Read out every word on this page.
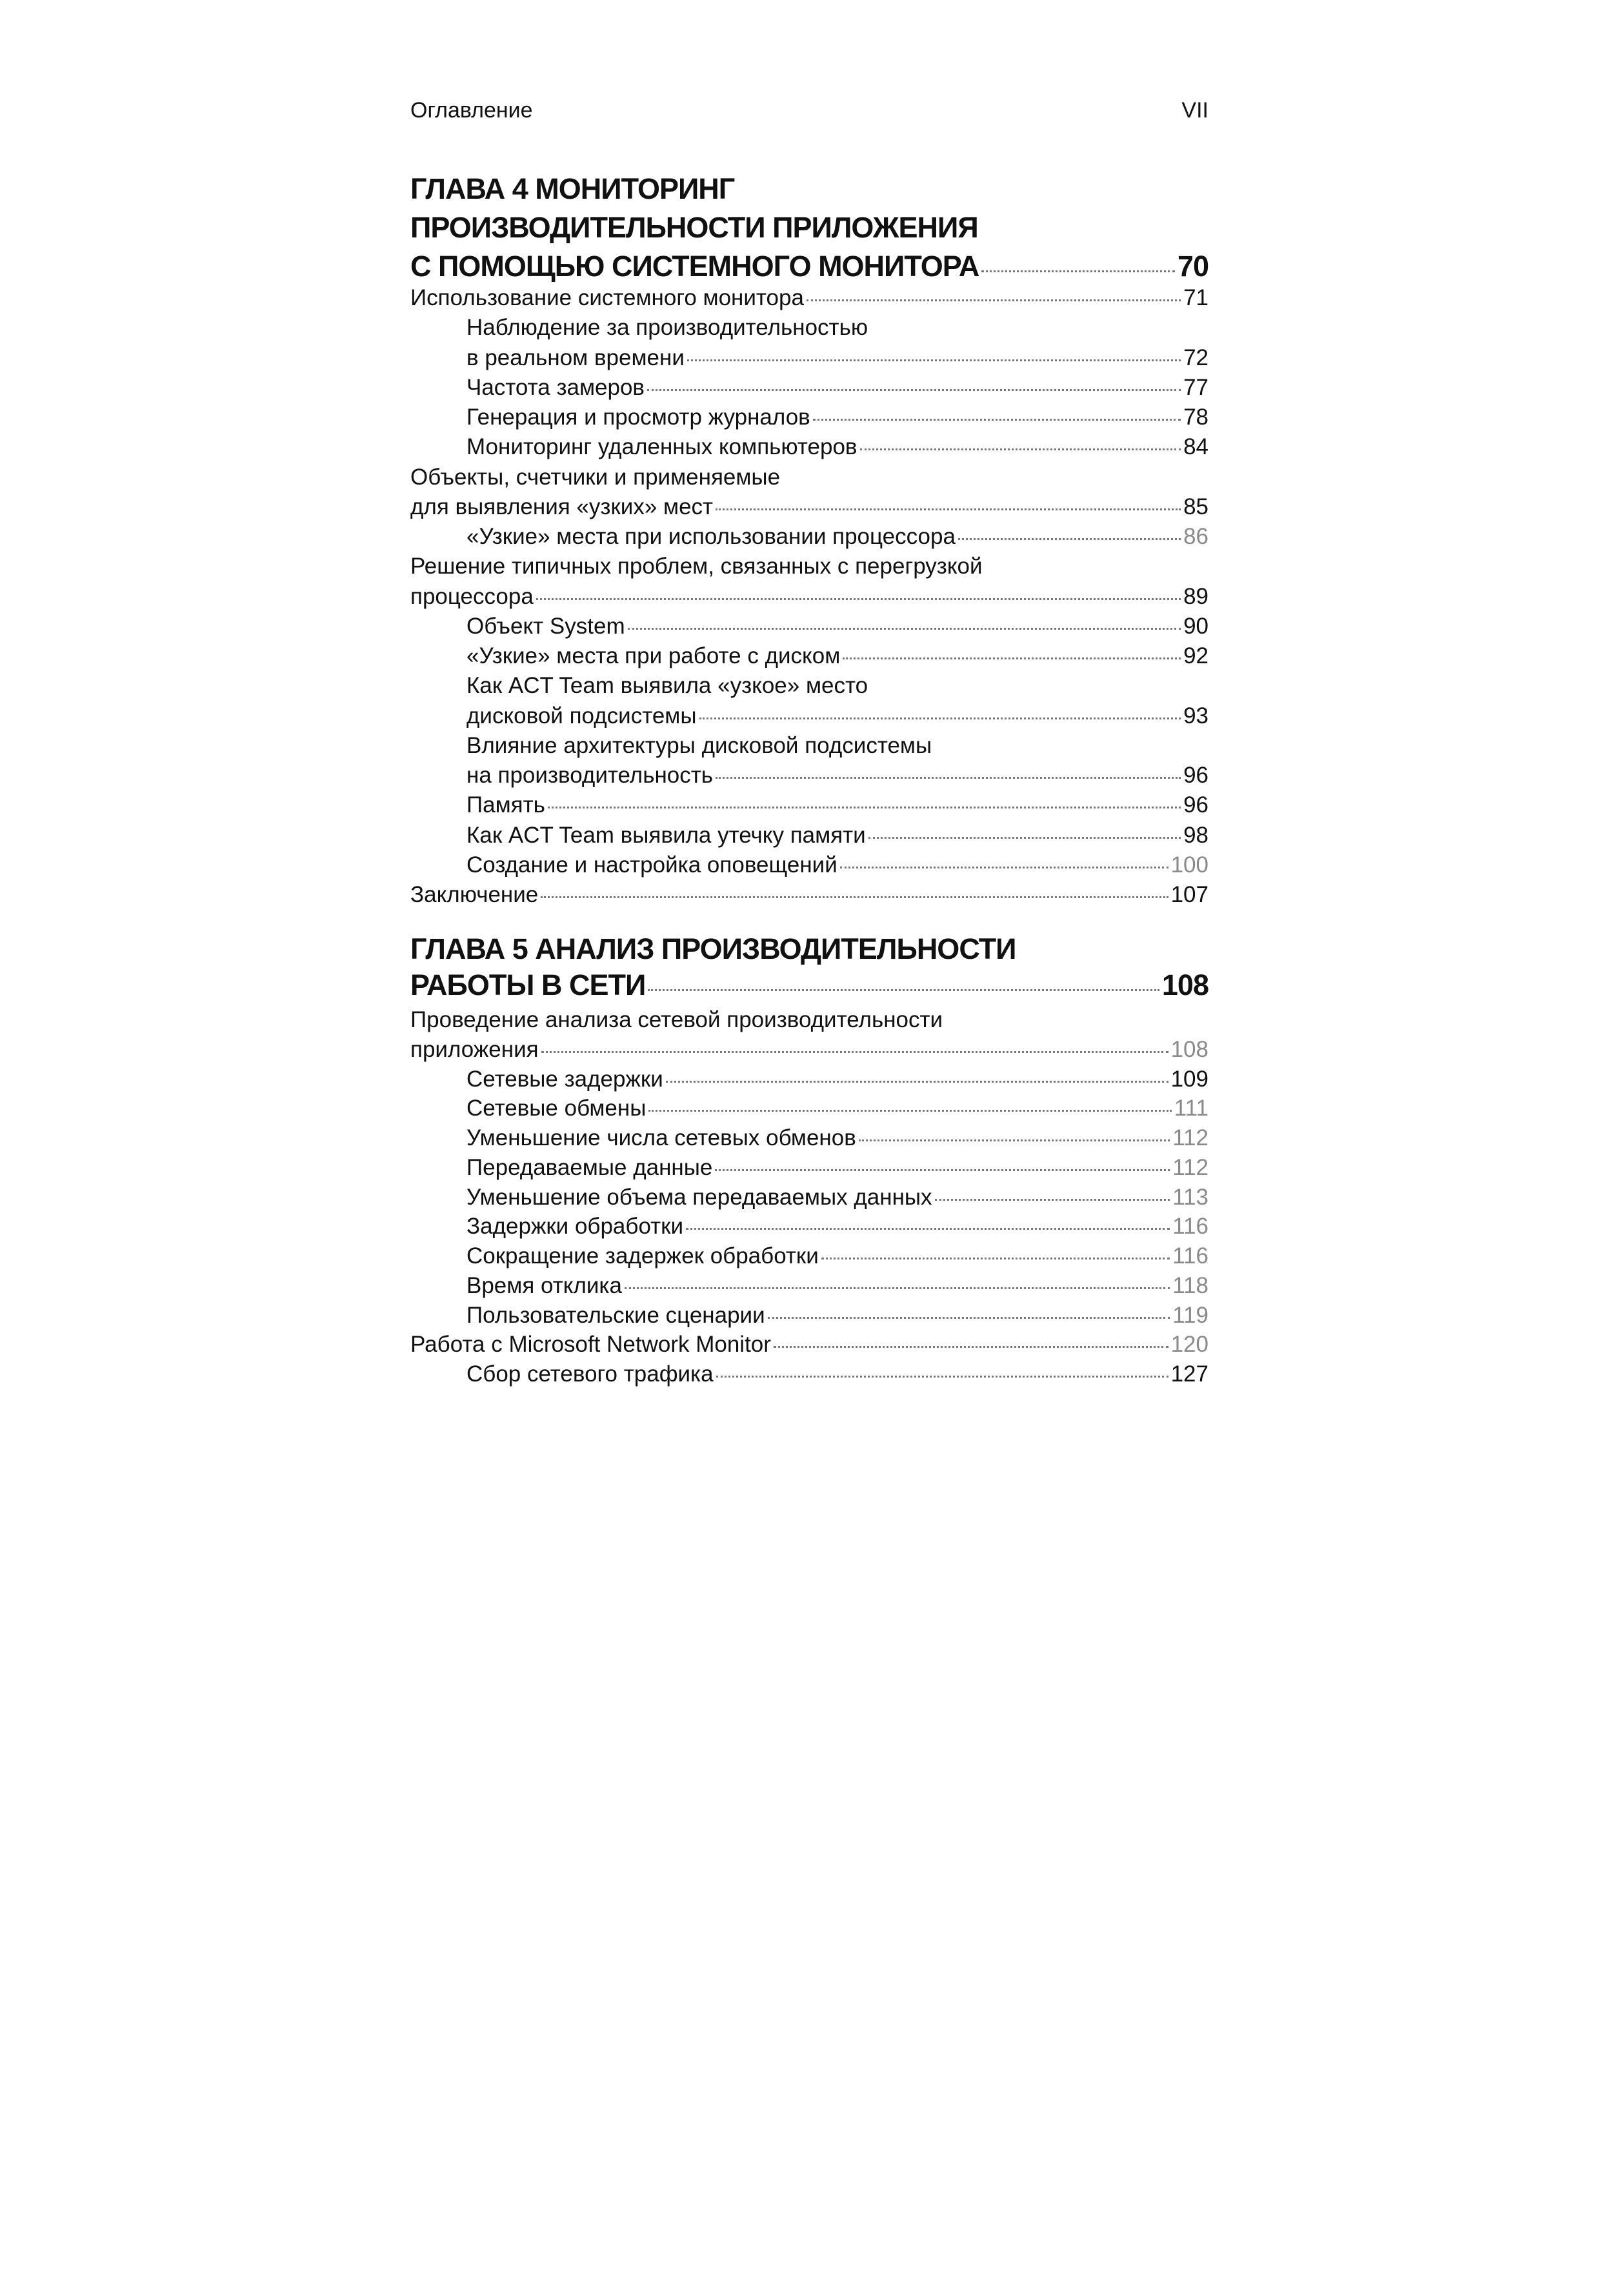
Оглавление	VII
ГЛАВА 4 МОНИТОРИНГ
ПРОИЗВОДИТЕЛЬНОСТИ ПРИЛОЖЕНИЯ
С ПОМОЩЬЮ СИСТЕМНОГО МОНИТОРА	70
Использование системного монитора	71
Наблюдение за производительностью
в реальном времени	72
Частота замеров	77
Генерация и просмотр журналов	78
Мониторинг удаленных компьютеров	84
Объекты, счетчики и применяемые
для выявления «узких» мест	85
«Узкие» места при использовании процессора	86
Решение типичных проблем, связанных с перегрузкой
процессора	89
Объект System	90
«Узкие» места при работе с диском	92
Как ACT Team выявила «узкое» место
дисковой подсистемы	93
Влияние архитектуры дисковой подсистемы
на производительность	96
Память	96
Как ACT Team выявила утечку памяти	98
Создание и настройка оповещений	100
Заключение	107
ГЛАВА 5 АНАЛИЗ ПРОИЗВОДИТЕЛЬНОСТИ
РАБОТЫ В СЕТИ	108
Проведение анализа сетевой производительности
приложения	108
Сетевые задержки	109
Сетевые обмены	111
Уменьшение числа сетевых обменов	112
Передаваемые данные	112
Уменьшение объема передаваемых данных	113
Задержки обработки	116
Сокращение задержек обработки	116
Время отклика	118
Пользовательские сценарии	119
Работа с Microsoft Network Monitor	120
Сбор сетевого трафика	127
